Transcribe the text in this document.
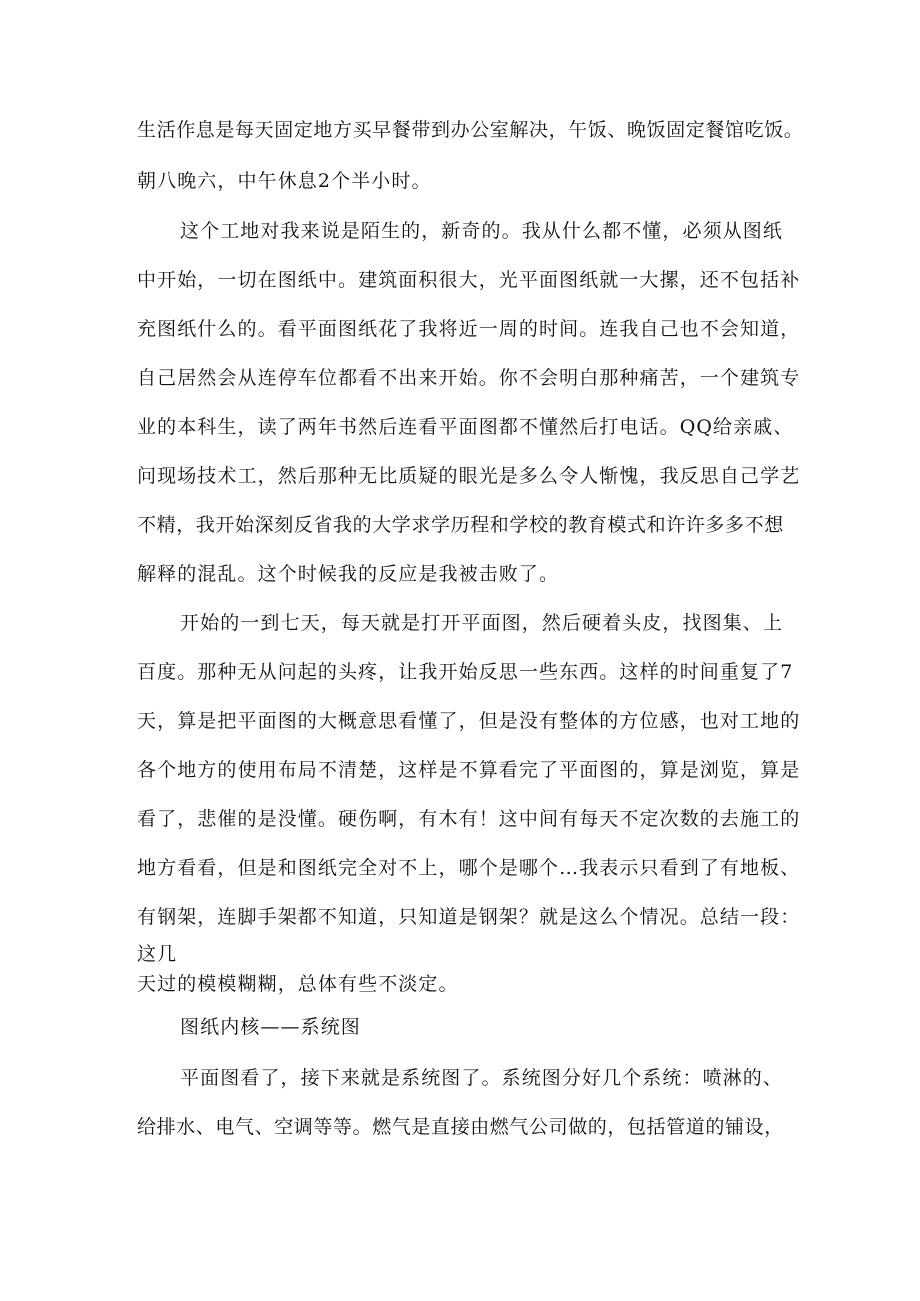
生活作息是每天固定地方买早餐带到办公室解决，午饭、晚饭固定餐馆吃饭。
朝八晚六，中午休息2个半小时。
这个工地对我来说是陌生的，新奇的。我从什么都不懂，必须从图纸
中开始，一切在图纸中。建筑面积很大，光平面图纸就一大摞，还不包括补
充图纸什么的。看平面图纸花了我将近一周的时间。连我自己也不会知道，
自己居然会从连停车位都看不出来开始。你不会明白那种痛苦，一个建筑专
业的本科生，读了两年书然后连看平面图都不懂然后打电话。QQ给亲戚、
问现场技术工，然后那种无比质疑的眼光是多么令人惭愧，我反思自己学艺
不精，我开始深刻反省我的大学求学历程和学校的教育模式和许许多多不想
解释的混乱。这个时候我的反应是我被击败了。
开始的一到七天，每天就是打开平面图，然后硬着头皮，找图集、上
百度。那种无从问起的头疼，让我开始反思一些东西。这样的时间重复了7
天，算是把平面图的大概意思看懂了，但是没有整体的方位感，也对工地的
各个地方的使用布局不清楚，这样是不算看完了平面图的，算是浏览，算是
看了，悲催的是没懂。硬伤啊，有木有！这中间有每天不定次数的去施工的
地方看看，但是和图纸完全对不上，哪个是哪个…我表示只看到了有地板、
有钢架，连脚手架都不知道，只知道是钢架？就是这么个情况。总结一段：
这几
天过的模模糊糊，总体有些不淡定。
图纸内核——系统图
平面图看了，接下来就是系统图了。系统图分好几个系统：喷淋的、
给排水、电气、空调等等。燃气是直接由燃气公司做的，包括管道的铺设，
